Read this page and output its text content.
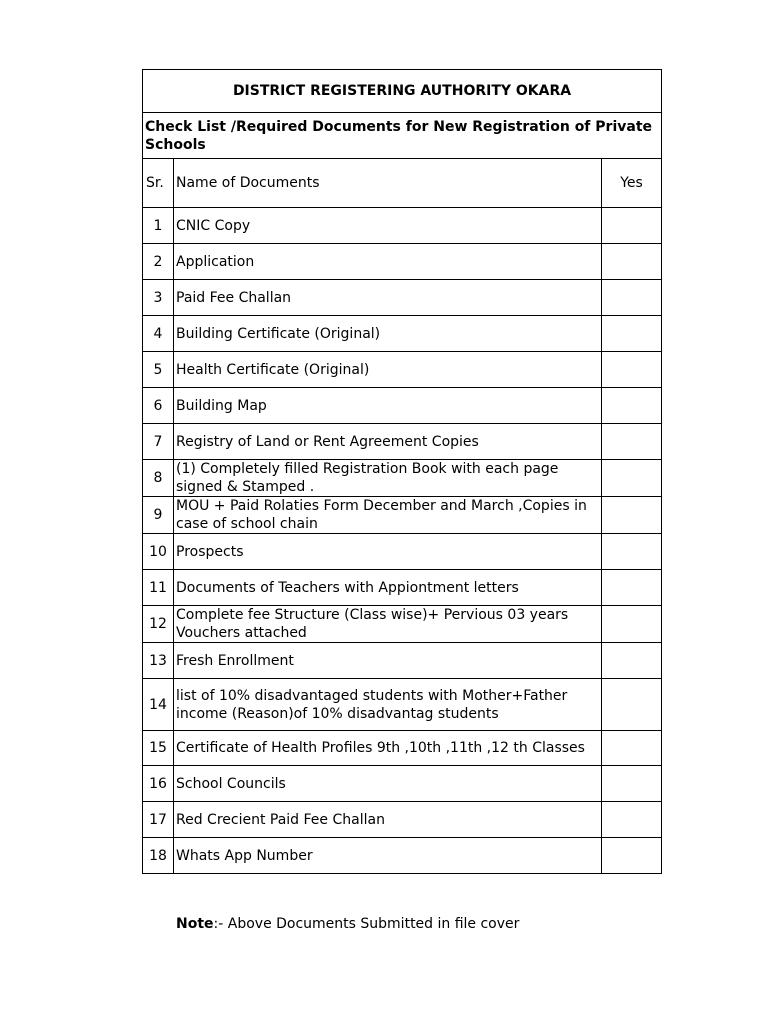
DISTRICT REGISTERING AUTHORITY OKARA		
Check List /Required Documents for New Registration of Private Schools		
Sr.	Name of Documents	Yes
1	CNIC Copy	
2	Application	
3	Paid Fee Challan	
4	Building Certificate (Original)	
5	Health Certificate (Original)	
6	Building Map	
7	Registry of Land or Rent Agreement Copies	
8	(1) Completely filled Registration Book with each page signed & Stamped .	
9	MOU + Paid Rolaties Form December and March ,Copies in case of school chain	
10	Prospects	
11	Documents of Teachers with Appiontment letters	
12	Complete fee Structure (Class wise)+ Pervious 03 years Vouchers attached	
13	Fresh Enrollment	
14	list of 10% disadvantaged students with Mother+Father income (Reason)of 10% disadvantag students	
15	Certificate of Health Profiles 9th ,10th ,11th ,12 th Classes	
16	School Councils	
17	Red Crecient Paid Fee Challan	
18	Whats App Number	
Note:- Above Documents Submitted in file cover
